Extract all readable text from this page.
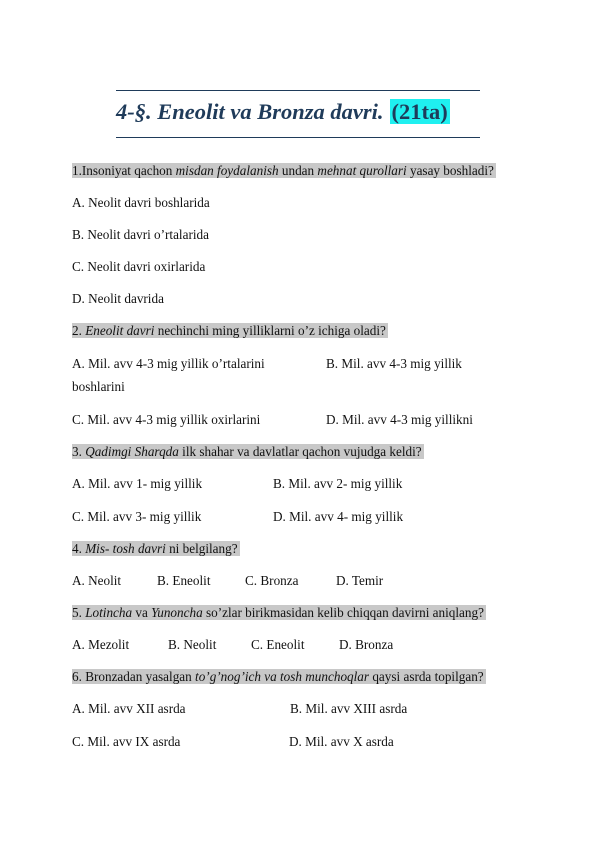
4-§. Eneolit va Bronza davri. (21ta)
1.Insoniyat qachon misdan foydalanish undan mehnat qurollari yasay boshladi?
A. Neolit davri boshlarida
B. Neolit davri o’rtalarida
C. Neolit davri oxirlarida
D. Neolit davrida
2. Eneolit davri nechinchi ming yilliklarni o’z ichiga oladi?
A. Mil. avv 4-3 mig yillik o’rtalarini	B. Mil. avv 4-3 mig yillik
boshlarini
C. Mil. avv 4-3 mig yillik oxirlarini	D. Mil. avv 4-3 mig yillikni
3. Qadimgi Sharqda ilk shahar va davlatlar qachon vujudga keldi?
A. Mil. avv 1- mig yillik	B. Mil. avv 2- mig yillik
C. Mil. avv 3- mig yillik	D. Mil. avv 4- mig yillik
4. Mis- tosh davri ni belgilang?
A. Neolit	B. Eneolit	C. Bronza	D. Temir
5. Lotincha va Yunoncha so’zlar birikmasidan kelib chiqqan davirni aniqlang?
A. Mezolit	B. Neolit	C. Eneolit	D. Bronza
6. Bronzadan yasalgan to’g’nog’ich va tosh munchoqlar qaysi asrda topilgan?
A. Mil. avv XII asrda	B. Mil. avv XIII asrda
C. Mil. avv IX asrda	D. Mil. avv X asrda
